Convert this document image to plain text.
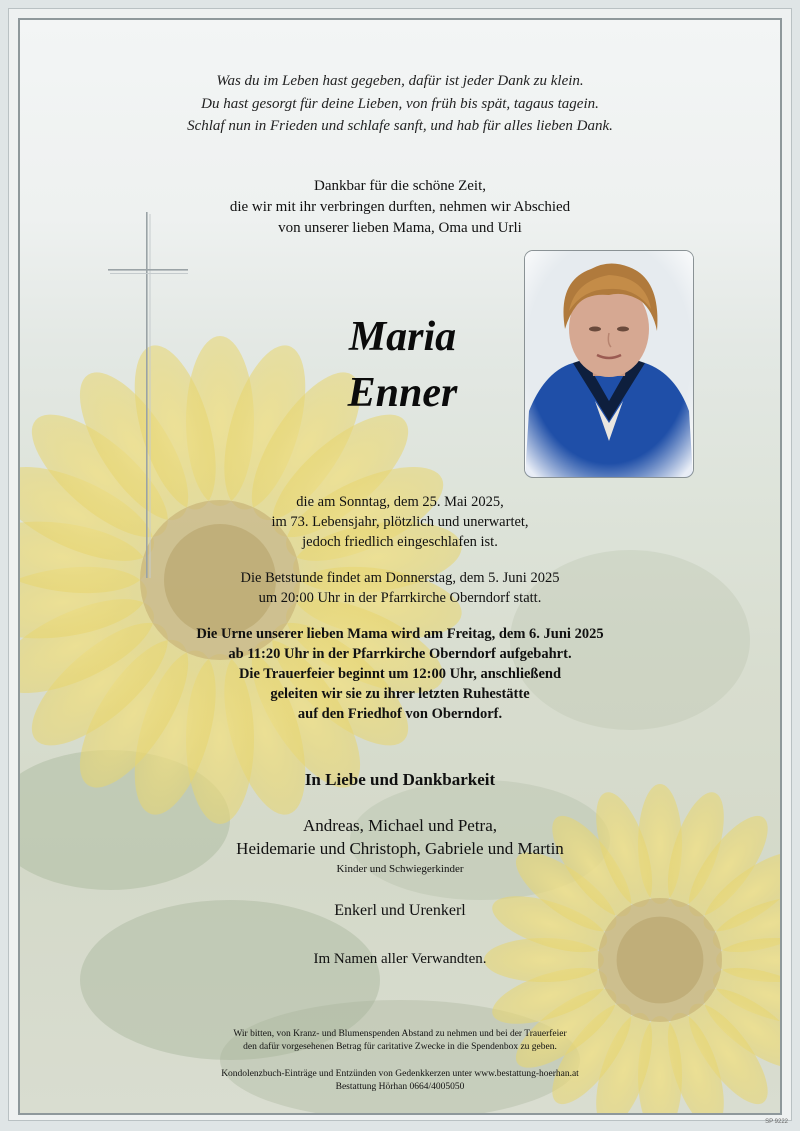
Was du im Leben hast gegeben, dafür ist jeder Dank zu klein.
Du hast gesorgt für deine Lieben, von früh bis spät, tagaus tagein.
Schlaf nun in Frieden und schlafe sanft, und hab für alles lieben Dank.
Dankbar für die schöne Zeit,
die wir mit ihr verbringen durften, nehmen wir Abschied
von unserer lieben Mama, Oma und Urli
Maria
Enner
die am Sonntag, dem 25. Mai 2025,
im 73. Lebensjahr, plötzlich und unerwartet,
jedoch friedlich eingeschlafen ist.
Die Betstunde findet am Donnerstag, dem 5. Juni 2025
um 20:00 Uhr in der Pfarrkirche Oberndorf statt.
Die Urne unserer lieben Mama wird am Freitag, dem 6. Juni 2025
ab 11:20 Uhr in der Pfarrkirche Oberndorf aufgebahrt.
Die Trauerfeier beginnt um 12:00 Uhr, anschließend
geleiten wir sie zu ihrer letzten Ruhestätte
auf den Friedhof von Oberndorf.
In Liebe und Dankbarkeit
Andreas, Michael und Petra,
Heidemarie und Christoph, Gabriele und Martin
Kinder und Schwiegerkinder
Enkerl und Urenkerl
Im Namen aller Verwandten.
Wir bitten, von Kranz- und Blumenspenden Abstand zu nehmen und bei der Trauerfeier
den dafür vorgesehenen Betrag für caritative Zwecke in die Spendenbox zu geben.
Kondolenzbuch-Einträge und Entzünden von Gedenkkerzen unter www.bestattung-hoerhan.at
Bestattung Hörhan 0664/4005050
SP 9222
